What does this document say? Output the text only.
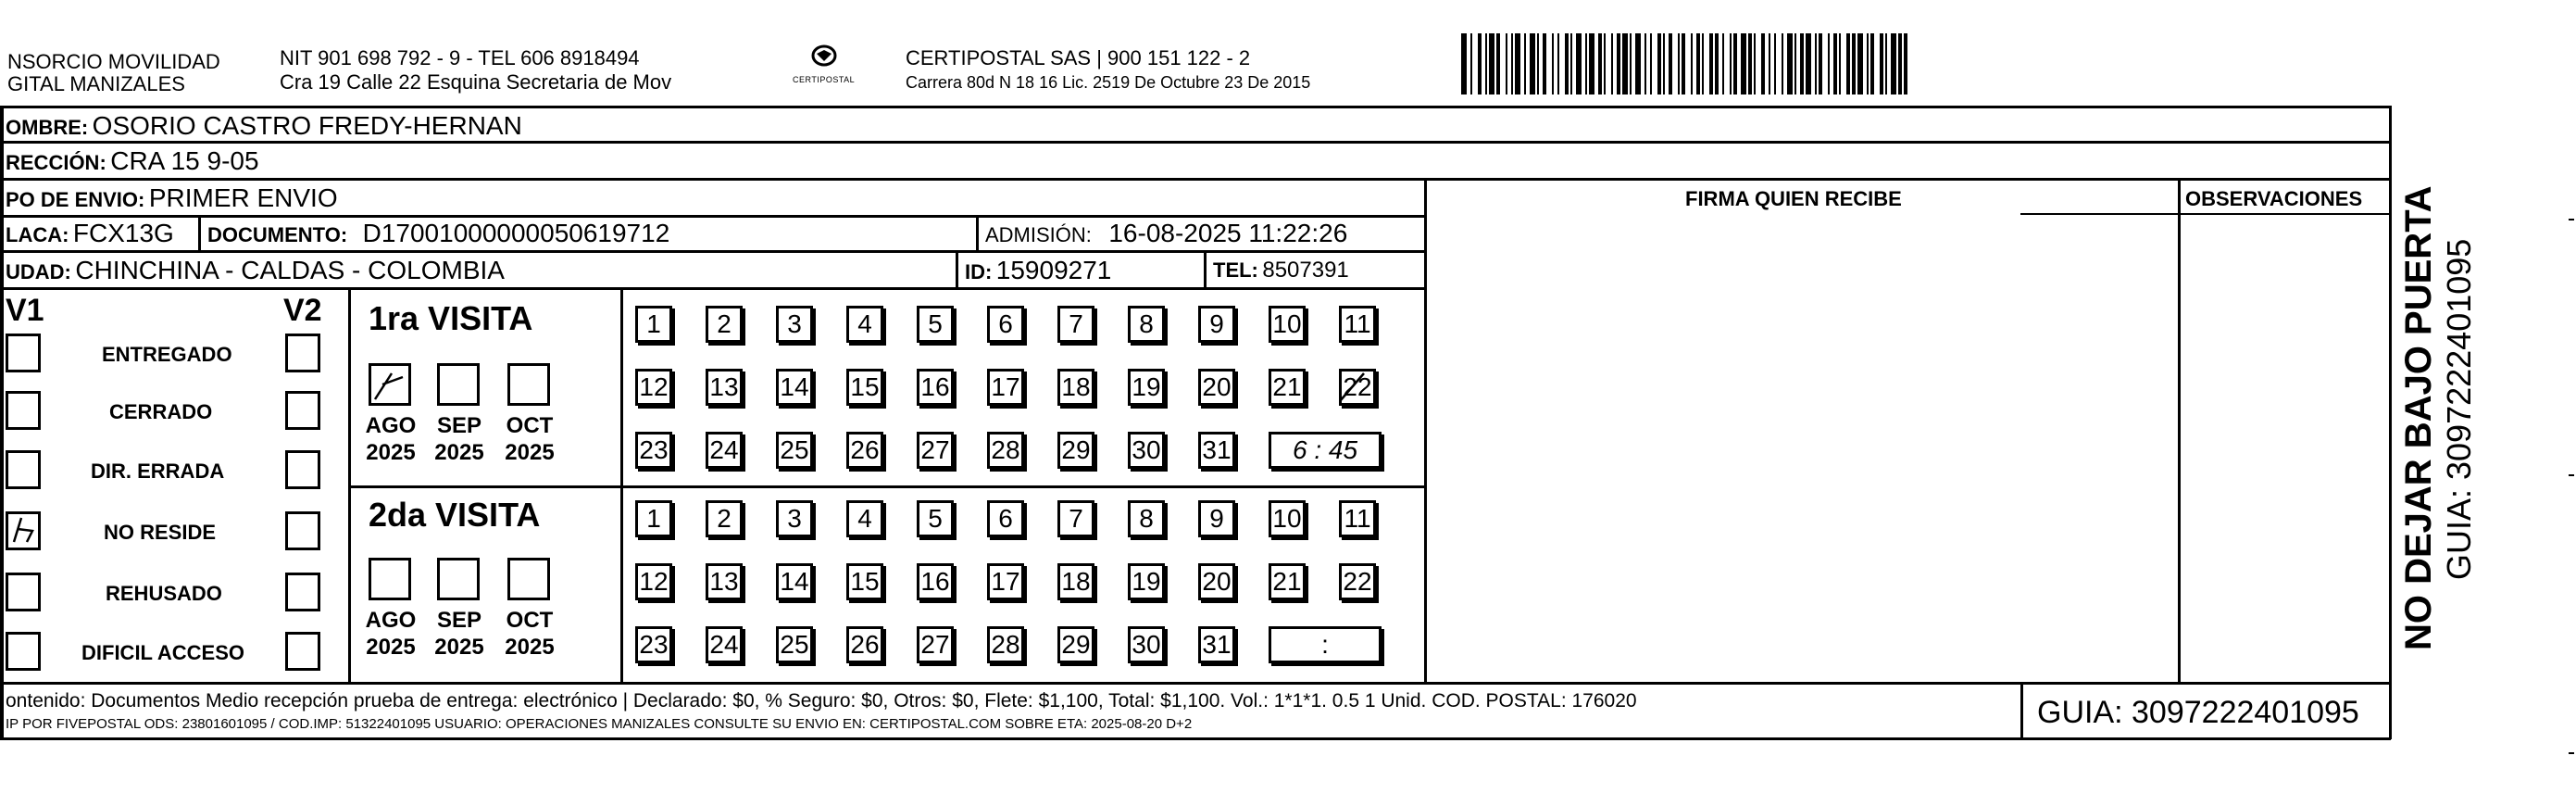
NSORCIO MOVILIDAD
GITAL MANIZALES
NIT 901 698 792 - 9 - TEL 606 8918494
Cra 19 Calle 22 Esquina Secretaria de Mov	CERTIPOSTAL
CERTIPOSTAL SAS | 900 151 122 - 2
Carrera 80d N 18 16 Lic. 2519 De Octubre 23 De 2015
OMBRE: OSORIO CASTRO FREDY-HERNAN
RECCIÓN: CRA 15 9-05
PO DE ENVIO: PRIMER ENVIO
LACA: FCX13G DOCUMENTO: D17001000000050619712	ADMISIÓN: 16-08-2025 11:22:26
UDAD: CHINCHINA - CALDAS - COLOMBIA	ID: 15909271	TEL: 8507391
FIRMA QUIEN RECIBE	OBSERVACIONES
V1	V2
ENTREGADO
CERRADO
DIR. ERRADA
NO RESIDE
REHUSADO
DIFICIL ACCESO
1ra VISITA
2da VISITA
AGO
2025
SEP
2025
OCT
2025
1 2 3 4 5 6 7 8 9 10 11
12 13 14 15 16 17 18 19 20 21 22
23 24 25 26 27 28 29 30 31 6 : 45
AGO
2025
SEP
2025
OCT
2025
1 2 3 4 5 6 7 8 9 10 11
12 13 14 15 16 17 18 19 20 21 22
23 24 25 26 27 28 29 30 31	:
ontenido: Documentos Medio recepción prueba de entrega: electrónico | Declarado: $0, % Seguro: $0, Otros: $0, Flete: $1,100, Total: $1,100. Vol.: 1*1*1. 0.5 1 Unid. COD. POSTAL: 176020
IP POR FIVEPOSTAL ODS: 23801601095 / COD.IMP: 51322401095 USUARIO: OPERACIONES MANIZALES CONSULTE SU ENVIO EN: CERTIPOSTAL.COM SOBRE ETA: 2025-08-20 D+2	GUIA: 3097222401095
NO DEJAR BAJO PUERTA GUIA: 3097222401095
